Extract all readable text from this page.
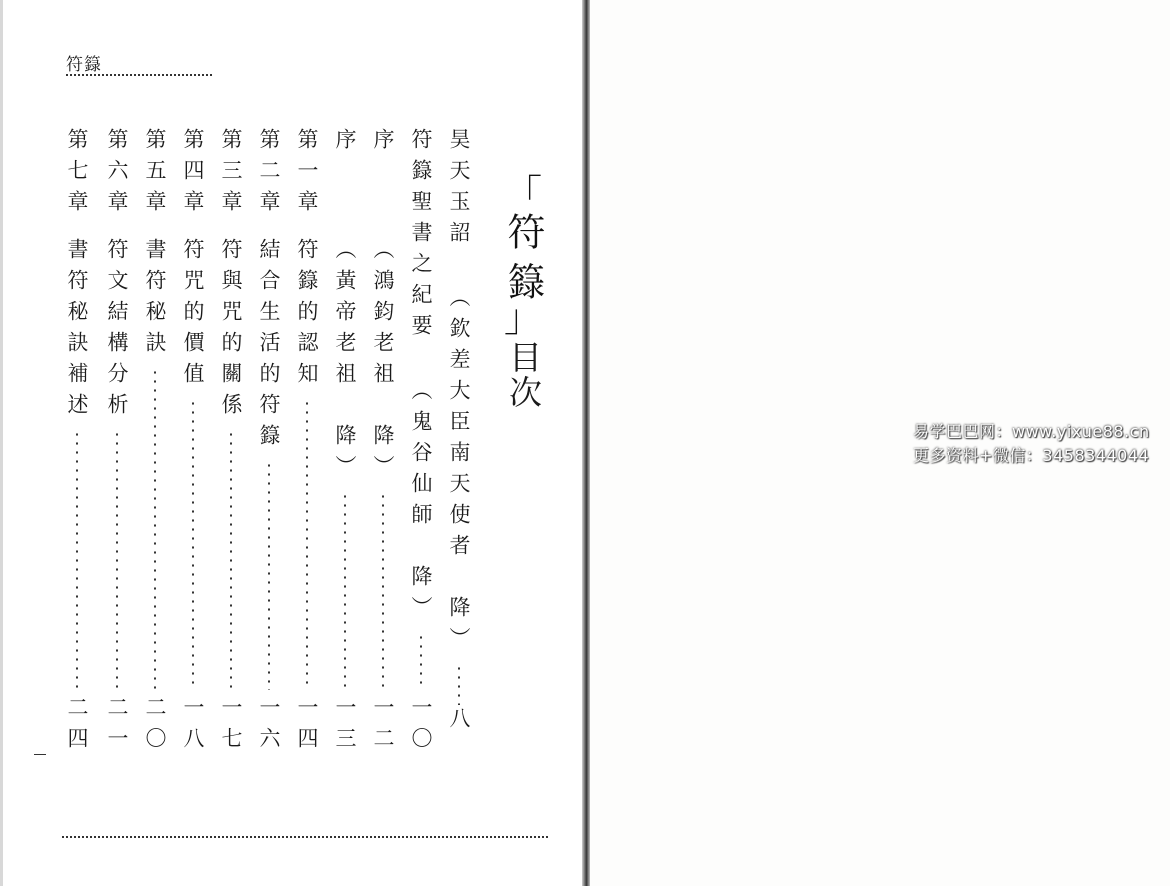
符籙
「
符 籙
」
目次
昊天玉詔 （欽差大臣南天使者　降）
八
符籙聖書之紀要 （鬼谷仙師　降）
一〇
序
（鴻鈞老祖　降）
一二
序
（黃帝老祖　降）
一三
第一章
符籙的認知
一四
第二章
結合生活的符籙
一六
第三章
符與咒的關係
一七
第四章
符咒的價值
一八
第五章
書符秘訣
二〇
第六章
符文結構分析
二一
第七章
書符秘訣補述
二四
易学巴巴网：www.yixue88.cn
更多资料+微信：3458344044
